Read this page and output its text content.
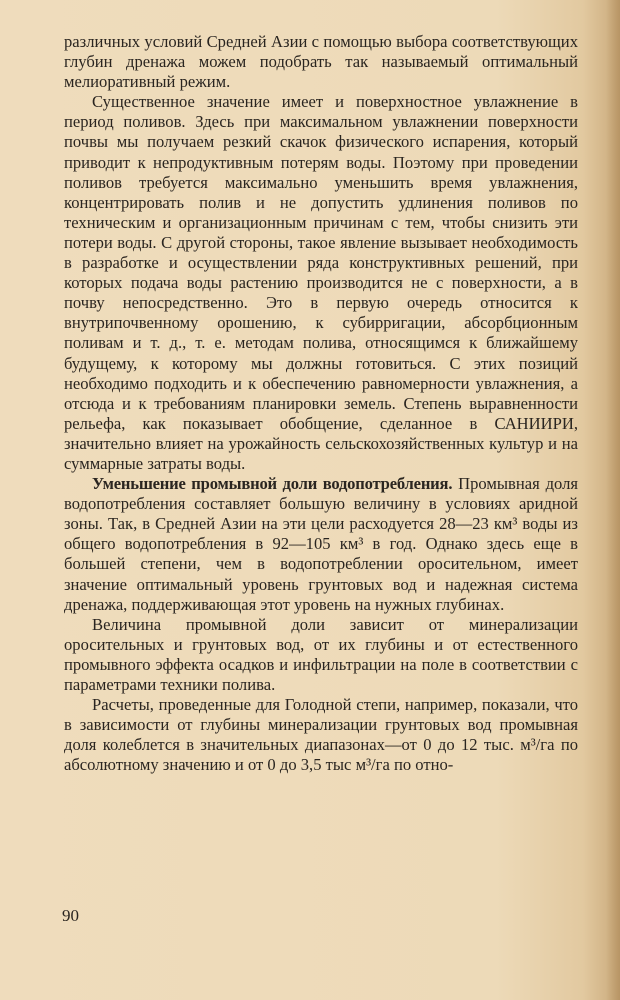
различных условий Средней Азии с помощью выбора соответствующих глубин дренажа можем подобрать так называемый оптимальный мелиоративный режим.

Существенное значение имеет и поверхностное увлажнение в период поливов. Здесь при максимальном увлажнении поверхности почвы мы получаем резкий скачок физического испарения, который приводит к непродуктивным потерям воды. Поэтому при проведении поливов требуется максимально уменьшить время увлажнения, концентрировать полив и не допустить удлинения поливов по техническим и организационным причинам с тем, чтобы снизить эти потери воды. С другой стороны, такое явление вызывает необходимость в разработке и осуществлении ряда конструктивных решений, при которых подача воды растению производится не с поверхности, а в почву непосредственно. Это в первую очередь относится к внутрипочвенному орошению, к субирригации, абсорбционным поливам и т. д., т. е. методам полива, относящимся к ближайшему будущему, к которому мы должны готовиться. С этих позиций необходимо подходить и к обеспечению равномерности увлажнения, а отсюда и к требованиям планировки земель. Степень выравненности рельефа, как показывает обобщение, сделанное в САНИИРИ, значительно влияет на урожайность сельскохозяйственных культур и на суммарные затраты воды.

Уменьшение промывной доли водопотребления. Промывная доля водопотребления составляет большую величину в условиях аридной зоны. Так, в Средней Азии на эти цели расходуется 28—23 км³ воды из общего водопотребления в 92—105 км³ в год. Однако здесь еще в большей степени, чем в водопотреблении оросительном, имеет значение оптимальный уровень грунтовых вод и надежная система дренажа, поддерживающая этот уровень на нужных глубинах.

Величина промывной доли зависит от минерализации оросительных и грунтовых вод, от их глубины и от естественного промывного эффекта осадков и инфильтрации на поле в соответствии с параметрами техники полива.

Расчеты, проведенные для Голодной степи, например, показали, что в зависимости от глубины минерализации грунтовых вод промывная доля колеблется в значительных диапазонах—от 0 до 12 тыс. м³/га по абсолютному значению и от 0 до 3,5 тыс м³/га по отно-

90
